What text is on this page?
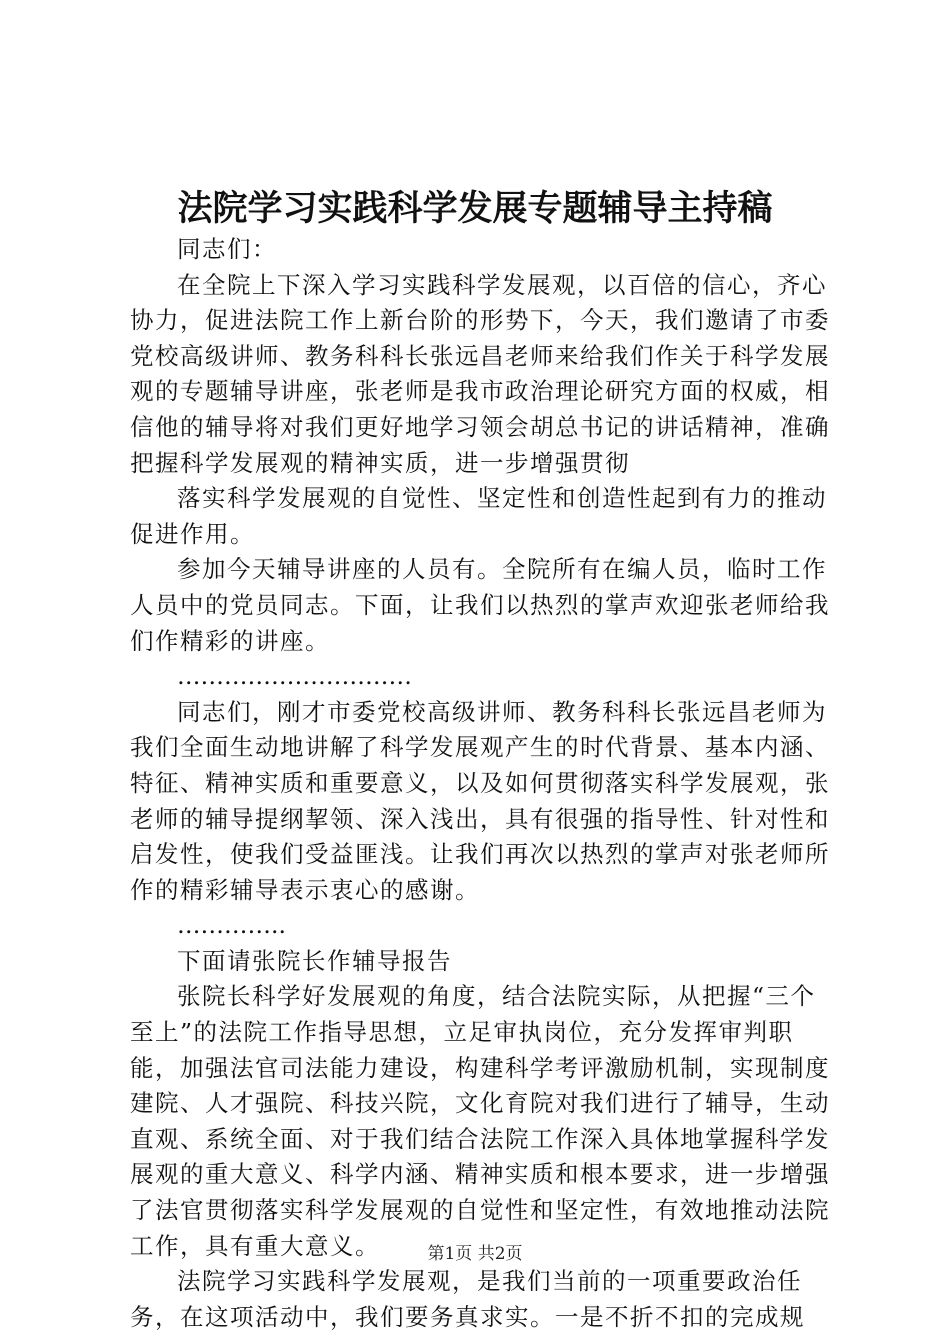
法院学习实践科学发展专题辅导主持稿

同志们：

在全院上下深入学习实践科学发展观，以百倍的信心，齐心协力，促进法院工作上新台阶的形势下，今天，我们邀请了市委党校高级讲师、教务科科长张远昌老师来给我们作关于科学发展观的专题辅导讲座，张老师是我市政治理论研究方面的权威，相信他的辅导将对我们更好地学习领会胡总书记的讲话精神，准确把握科学发展观的精神实质，进一步增强贯彻

落实科学发展观的自觉性、坚定性和创造性起到有力的推动促进作用。

参加今天辅导讲座的人员有。全院所有在编人员，临时工作人员中的党员同志。下面，让我们以热烈的掌声欢迎张老师给我们作精彩的讲座。

…………………………

同志们，刚才市委党校高级讲师、教务科科长张远昌老师为我们全面生动地讲解了科学发展观产生的时代背景、基本内涵、特征、精神实质和重要意义，以及如何贯彻落实科学发展观，张老师的辅导提纲挈领、深入浅出，具有很强的指导性、针对性和启发性，使我们受益匪浅。让我们再次以热烈的掌声对张老师所作的精彩辅导表示衷心的感谢。

…………..

下面请张院长作辅导报告

张院长科学好发展观的角度，结合法院实际，从把握“三个至上”的法院工作指导思想，立足审执岗位，充分发挥审判职能，加强法官司法能力建设，构建科学考评激励机制，实现制度建院、人才强院、科技兴院，文化育院对我们进行了辅导，生动直观、系统全面、对于我们结合法院工作深入具体地掌握科学发展观的重大意义、科学内涵、精神实质和根本要求，进一步增强了法官贯彻落实科学发展观的自觉性和坚定性，有效地推动法院工作，具有重大意义。

法院学习实践科学发展观，是我们当前的一项重要政治任务，在这项活动中，我们要务真求实。一是不折不扣的完成规

第1页 共2页
